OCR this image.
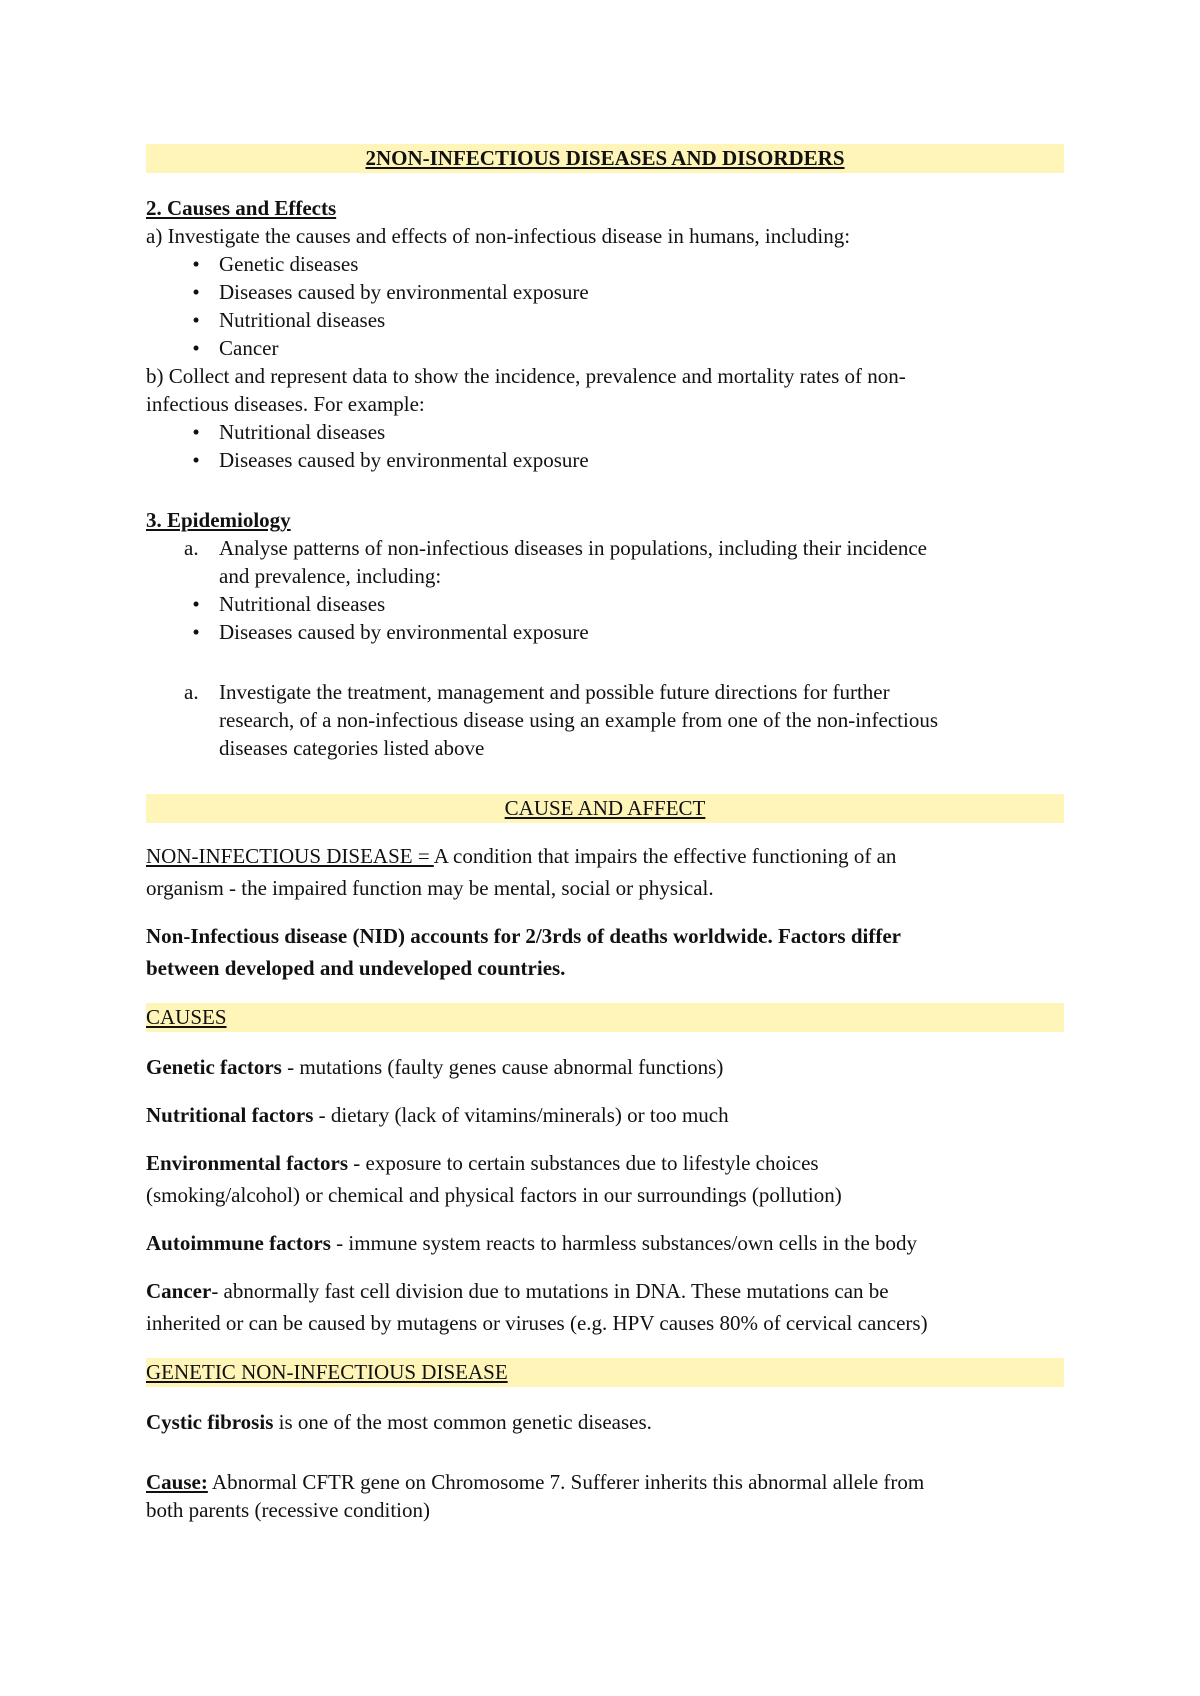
2NON-INFECTIOUS DISEASES AND DISORDERS
2. Causes and Effects
a) Investigate the causes and effects of non-infectious disease in humans, including:
• Genetic diseases
• Diseases caused by environmental exposure
• Nutritional diseases
• Cancer
b) Collect and represent data to show the incidence, prevalence and mortality rates of non-
infectious diseases. For example:
• Nutritional diseases
• Diseases caused by environmental exposure
3. Epidemiology
a. Analyse patterns of non-infectious diseases in populations, including their incidence
and prevalence, including:
• Nutritional diseases
• Diseases caused by environmental exposure
a. Investigate the treatment, management and possible future directions for further
research, of a non-infectious disease using an example from one of the non-infectious
diseases categories listed above
CAUSE AND AFFECT
NON-INFECTIOUS DISEASE = A condition that impairs the effective functioning of an
organism - the impaired function may be mental, social or physical.
Non-Infectious disease (NID) accounts for 2/3rds of deaths worldwide. Factors differ
between developed and undeveloped countries.
CAUSES
Genetic factors - mutations (faulty genes cause abnormal functions)
Nutritional factors - dietary (lack of vitamins/minerals) or too much
Environmental factors - exposure to certain substances due to lifestyle choices
(smoking/alcohol) or chemical and physical factors in our surroundings (pollution)
Autoimmune factors - immune system reacts to harmless substances/own cells in the body
Cancer- abnormally fast cell division due to mutations in DNA. These mutations can be
inherited or can be caused by mutagens or viruses (e.g. HPV causes 80% of cervical cancers)
GENETIC NON-INFECTIOUS DISEASE
Cystic fibrosis is one of the most common genetic diseases.
Cause: Abnormal CFTR gene on Chromosome 7. Sufferer inherits this abnormal allele from
both parents (recessive condition)
